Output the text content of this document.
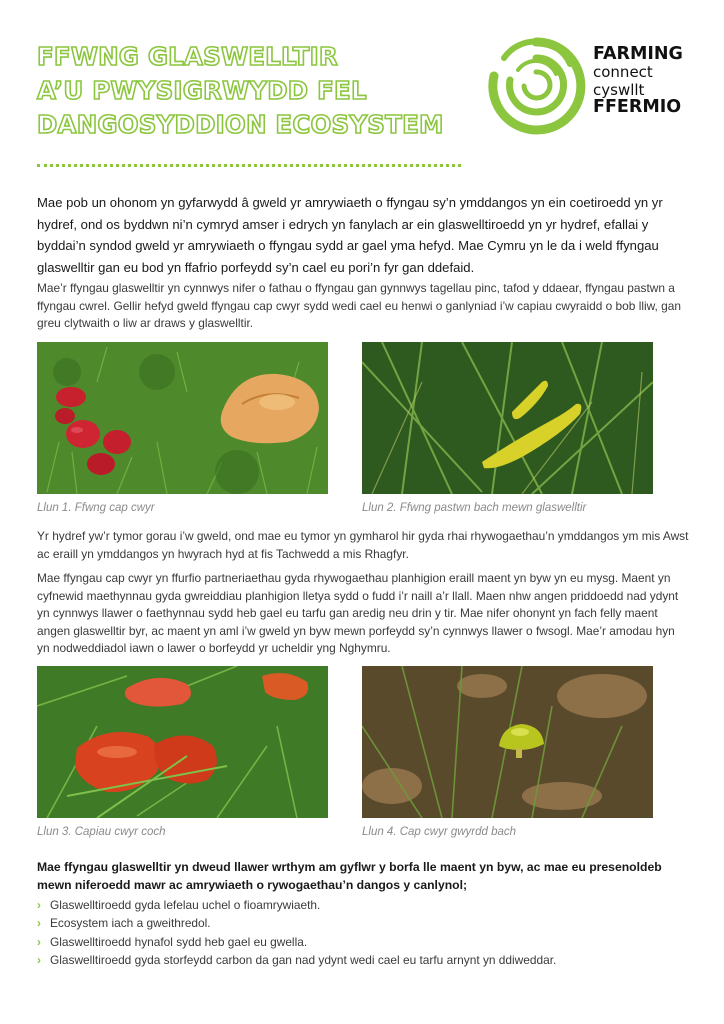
FFWNG GLASWELLTIR
A’U PWYSIGRWYDD FEL
DANGOSYDDION ECOSYSTEM
FARMING
connect
cyswllt
FFERMIO

Mae pob un ohonom yn gyfarwydd â gweld yr amrywiaeth o ffyngau sy’n ymddangos yn ein coetiroedd yn yr hydref, ond os byddwn ni’n cymryd amser i edrych yn fanylach ar ein glaswelltiroedd yn yr hydref, efallai y byddai’n syndod gweld yr amrywiaeth o ffyngau sydd ar gael yma hefyd. Mae Cymru yn le da i weld ffyngau glaswelltir gan eu bod yn ffafrio porfeydd sy’n cael eu pori’n fyr gan ddefaid.

Mae’r ffyngau glaswelltir yn cynnwys nifer o fathau o ffyngau gan gynnwys tagellau pinc, tafod y ddaear, ffyngau pastwn a ffyngau cwrel. Gellir hefyd gweld ffyngau cap cwyr sydd wedi cael eu henwi o ganlyniad i’w capiau cwyraidd o bob lliw, gan greu clytwaith o liw ar draws y glaswelltir.

Llun 1. Ffwng cap cwyr	Llun 2. Ffwng pastwn bach mewn glaswelltir

Yr hydref yw’r tymor gorau i’w gweld, ond mae eu tymor yn gymharol hir gyda rhai rhywogaethau’n ymddangos ym mis Awst ac eraill yn ymddangos yn hwyrach hyd at fis Tachwedd a mis Rhagfyr.

Mae ffyngau cap cwyr yn ffurfio partneriaethau gyda rhywogaethau planhigion eraill maent yn byw yn eu mysg. Maent yn cyfnewid maethynnau gyda gwreiddiau planhigion lletya sydd o fudd i’r naill a’r llall. Maen nhw angen priddoedd nad ydynt yn cynnwys llawer o faethynnau sydd heb gael eu tarfu gan aredig neu drin y tir. Mae nifer ohonynt yn fach felly maent angen glaswelltir byr, ac maent yn aml i’w gweld yn byw mewn porfeydd sy’n cynnwys llawer o fwsogl. Mae’r amodau hyn yn nodweddiadol iawn o lawer o borfeydd yr ucheldir yng Nghymru.

Llun 3. Capiau cwyr coch	Llun 4. Cap cwyr gwyrdd bach

Mae ffyngau glaswelltir yn dweud llawer wrthym am gyflwr y borfa lle maent yn byw, ac mae eu presenoldeb mewn niferoedd mawr ac amrywiaeth o rywogaethau’n dangos y canlynol;

› Glaswelltiroedd gyda lefelau uchel o fioamrywiaeth.
› Ecosystem iach a gweithredol.
› Glaswelltiroedd hynafol sydd heb gael eu gwella.
› Glaswelltiroedd gyda storfeydd carbon da gan nad ydynt wedi cael eu tarfu arnynt yn ddiweddar.
